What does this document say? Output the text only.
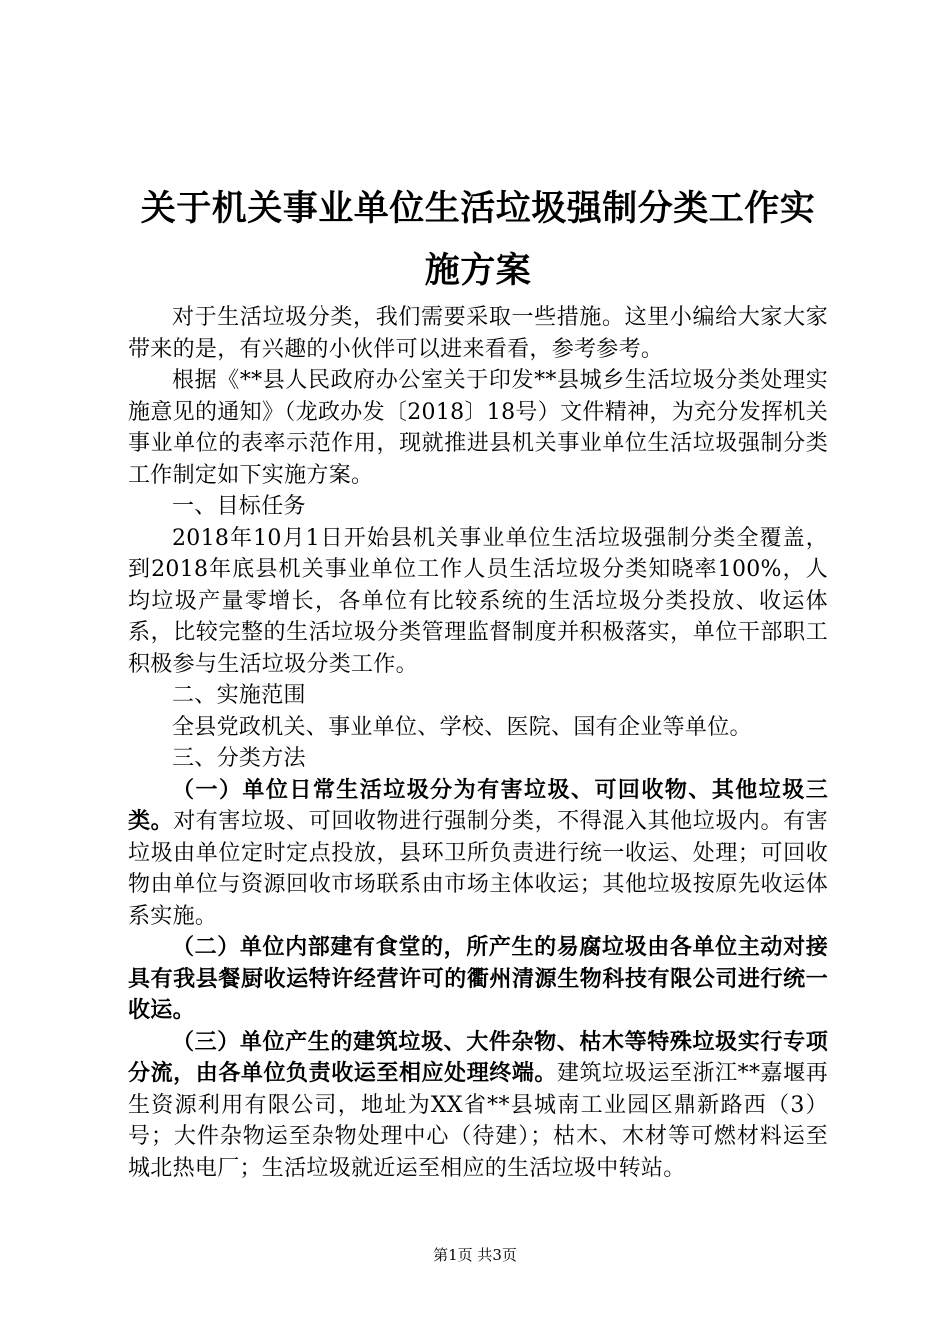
关于机关事业单位生活垃圾强制分类工作实施方案

对于生活垃圾分类，我们需要采取一些措施。这里小编给大家大家带来的是，有兴趣的小伙伴可以进来看看，参考参考。

根据《**县人民政府办公室关于印发**县城乡生活垃圾分类处理实施意见的通知》（龙政办发〔2018〕18号）文件精神，为充分发挥机关事业单位的表率示范作用，现就推进县机关事业单位生活垃圾强制分类工作制定如下实施方案。

一、目标任务

2018年10月1日开始县机关事业单位生活垃圾强制分类全覆盖，到2018年底县机关事业单位工作人员生活垃圾分类知晓率100%，人均垃圾产量零增长，各单位有比较系统的生活垃圾分类投放、收运体系，比较完整的生活垃圾分类管理监督制度并积极落实，单位干部职工积极参与生活垃圾分类工作。

二、实施范围

全县党政机关、事业单位、学校、医院、国有企业等单位。

三、分类方法

（一）单位日常生活垃圾分为有害垃圾、可回收物、其他垃圾三类。对有害垃圾、可回收物进行强制分类，不得混入其他垃圾内。有害垃圾由单位定时定点投放，县环卫所负责进行统一收运、处理；可回收物由单位与资源回收市场联系由市场主体收运；其他垃圾按原先收运体系实施。

（二）单位内部建有食堂的，所产生的易腐垃圾由各单位主动对接具有我县餐厨收运特许经营许可的衢州清源生物科技有限公司进行统一收运。

（三）单位产生的建筑垃圾、大件杂物、枯木等特殊垃圾实行专项分流，由各单位负责收运至相应处理终端。建筑垃圾运至浙江**嘉堰再生资源利用有限公司，地址为XX省**县城南工业园区鼎新路西（3）号；大件杂物运至杂物处理中心（待建）；枯木、木材等可燃材料运至城北热电厂；生活垃圾就近运至相应的生活垃圾中转站。

第1页 共3页
